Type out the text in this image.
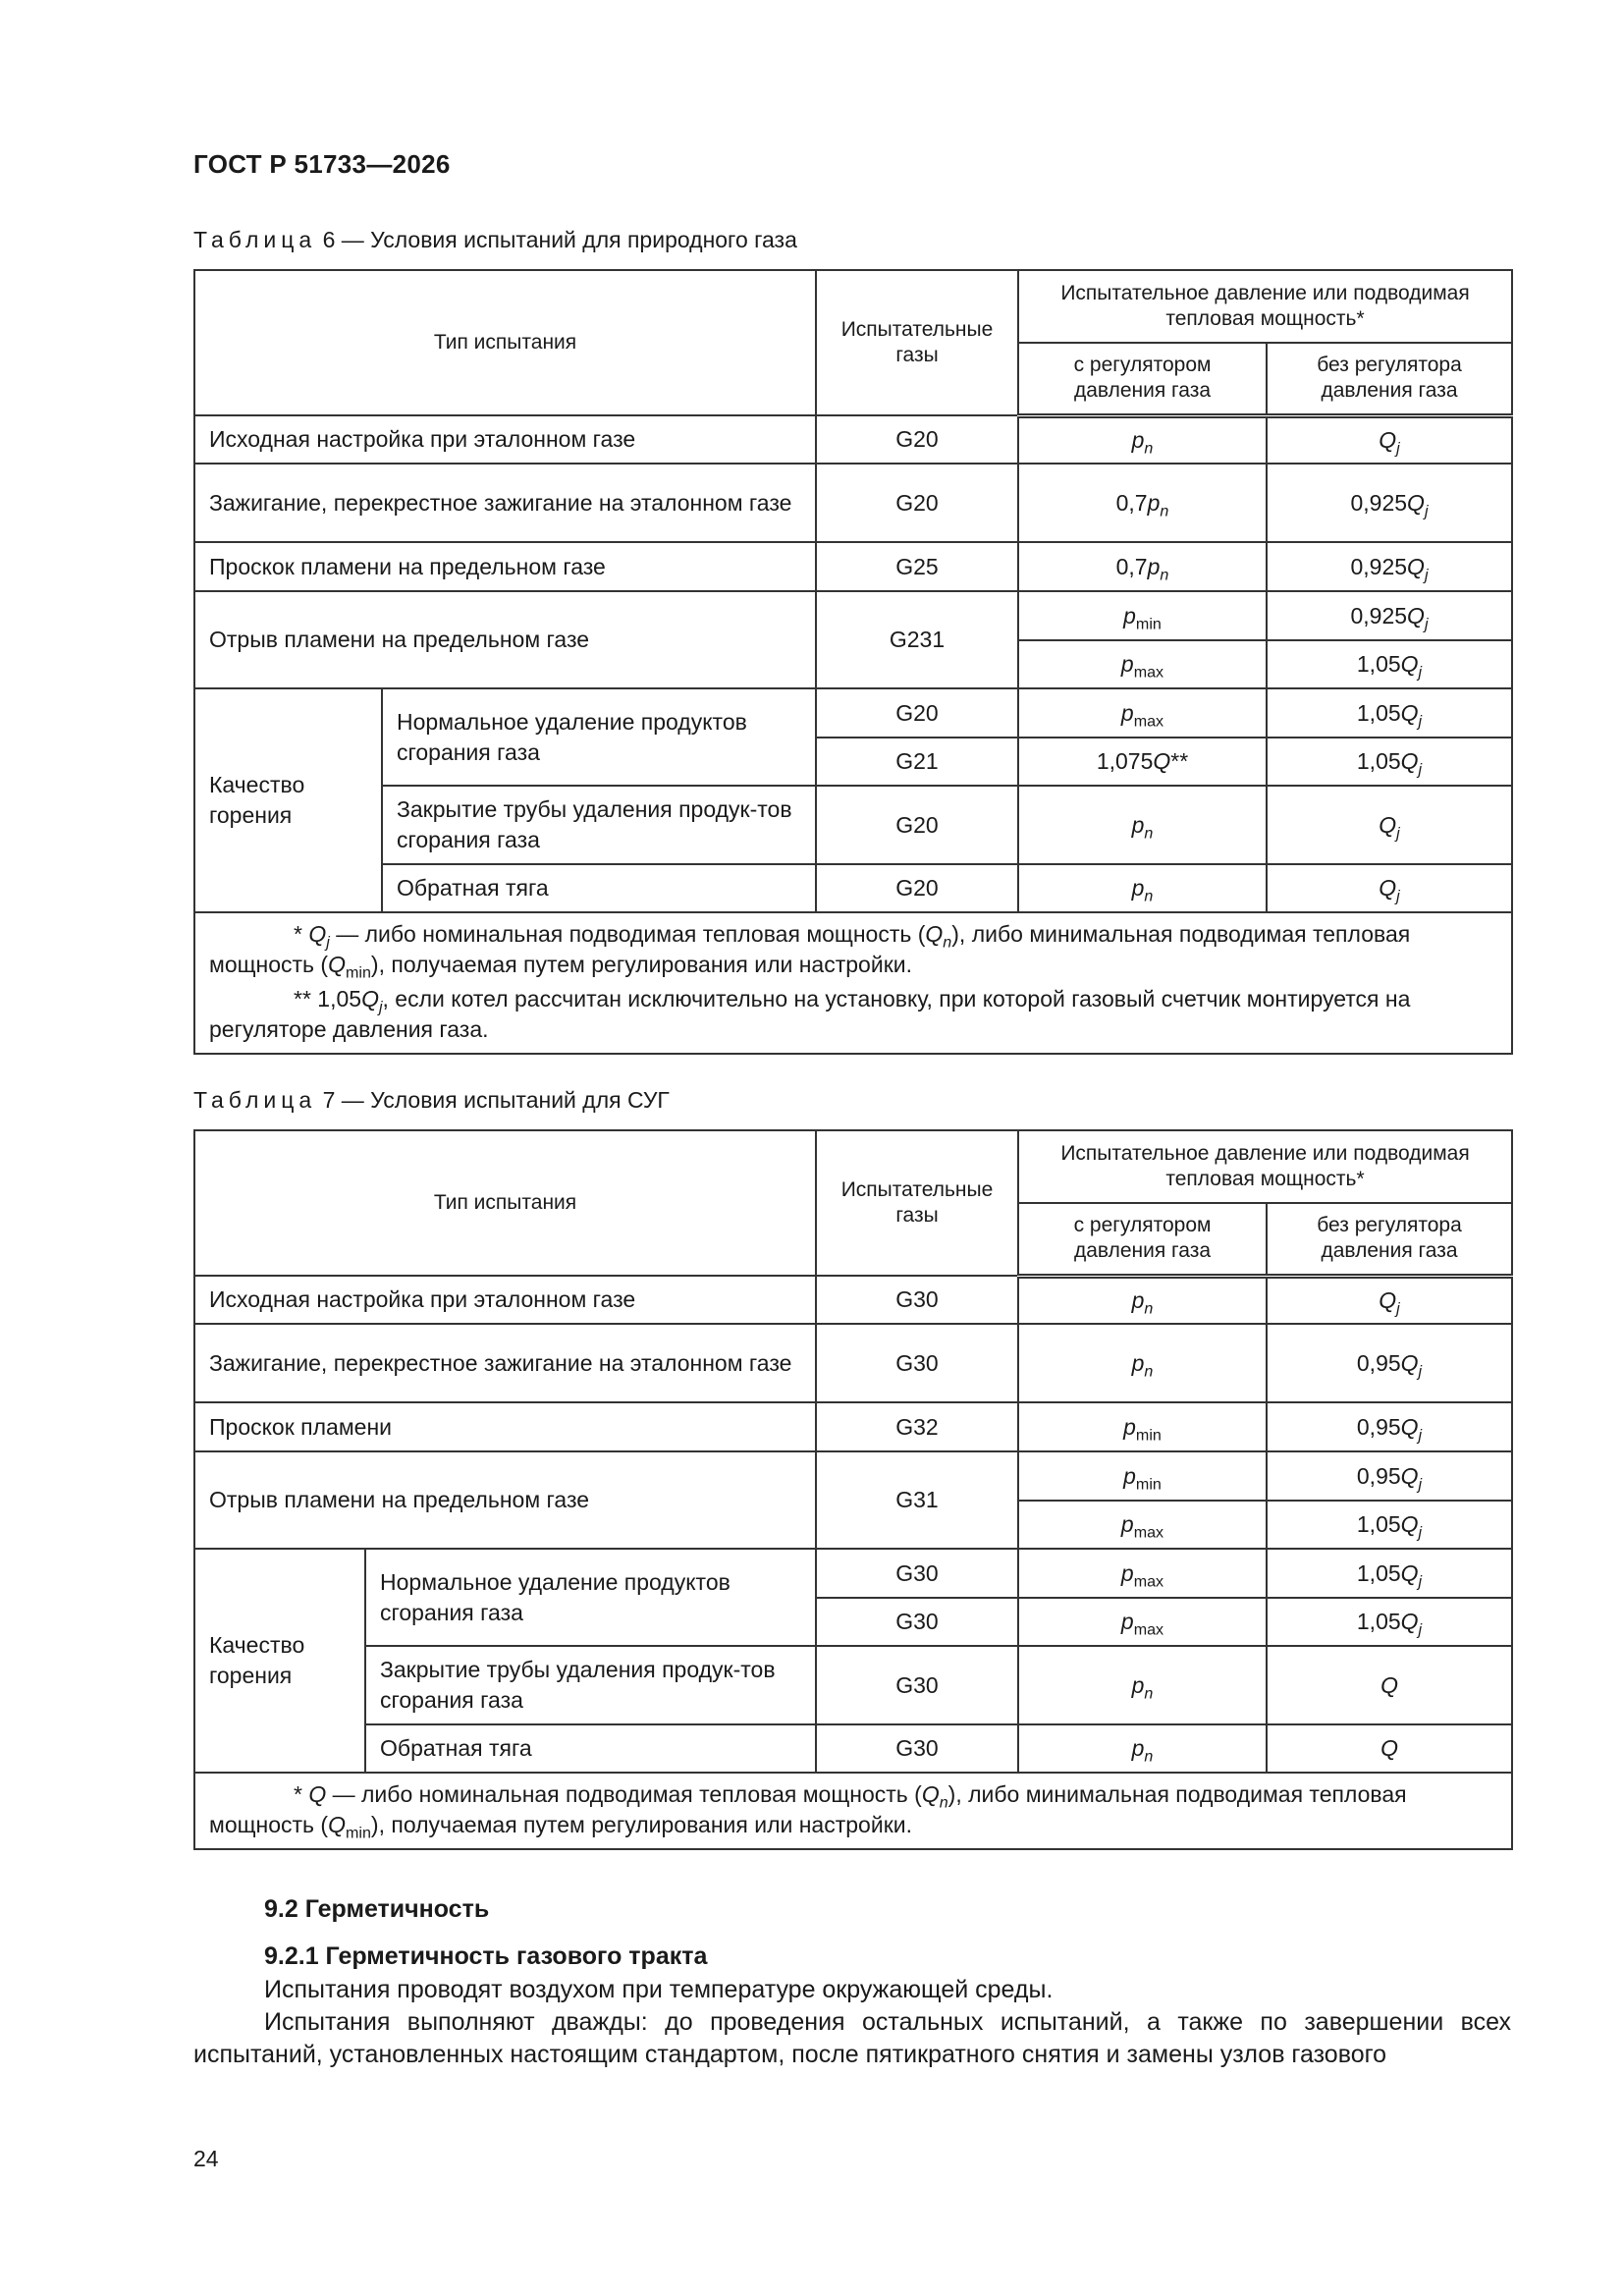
ГОСТ Р 51733—2026
Таблица 6 — Условия испытаний для природного газа
Тип испытания		Испытательные газы	Испытательное давление или подводимая тепловая мощность*	
			с регулятором давления газа	без регулятора давления газа
Исходная настройка при эталонном газе		G20	$p_n$	$Q_j$
Зажигание, перекрестное зажигание на эталонном газе		G20	$0,7p_n$	$0,925Q_j$
Проскок пламени на предельном газе		G25	$0,7p_n$	$0,925Q_j$
Отрыв пламени на предельном газе		G231	$p_{min}$	$0,925Q_j$
			$p_{max}$	$1,05Q_j$
Качество горения	Нормальное удаление продуктов сгорания газа	G20	$p_{max}$	$1,05Q_j$
		G21	1,075Q**	$1,05Q_j$
	Закрытие трубы удаления продук-тов сгорания газа	G20	$p_n$	$Q_j$
	Обратная тяга	G20	$p_n$	$Q_j$

* $Q_j$ — либо номинальная подводимая тепловая мощность $(Q_n)$, либо минимальная подводимая тепловая мощность $(Q_{min})$, получаемая путем регулирования или настройки.

** $1,05Q_j$, если котел рассчитан исключительно на установку, при которой газовый счетчик монтируется на регуляторе давления газа.				

Таблица 7 — Условия испытаний для СУГ
Тип испытания		Испытательные газы	Испытательное давление или подводимая тепловая мощность*	
			с регулятором давления газа	без регулятора давления газа
Исходная настройка при эталонном газе		G30	$p_n$	$Q_j$
Зажигание, перекрестное зажигание на эталонном газе		G30	$p_n$	$0,95Q_j$
Проскок пламени		G32	$p_{min}$	$0,95Q_j$
Отрыв пламени на предельном газе		G31	$p_{min}$	$0,95Q_j$
			$p_{max}$	$1,05Q_j$
Качество горения	Нормальное удаление продуктов сгорания газа	G30	$p_{max}$	$1,05Q_j$
		G30	$p_{max}$	$1,05Q_j$
	Закрытие трубы удаления продук-тов сгорания газа	G30	$p_n$	Q
	Обратная тяга	G30	$p_n$	Q

* Q — либо номинальная подводимая тепловая мощность $(Q_n)$, либо минимальная подводимая тепловая мощность $(Q_{min})$, получаемая путем регулирования или настройки.				

9.2 Герметичность
9.2.1 Герметичность газового тракта
Испытания проводят воздухом при температуре окружающей среды.
Испытания выполняют дважды: до проведения остальных испытаний, а также по завершении всех испытаний, установленных настоящим стандартом, после пятикратного снятия и замены узлов газового
24
